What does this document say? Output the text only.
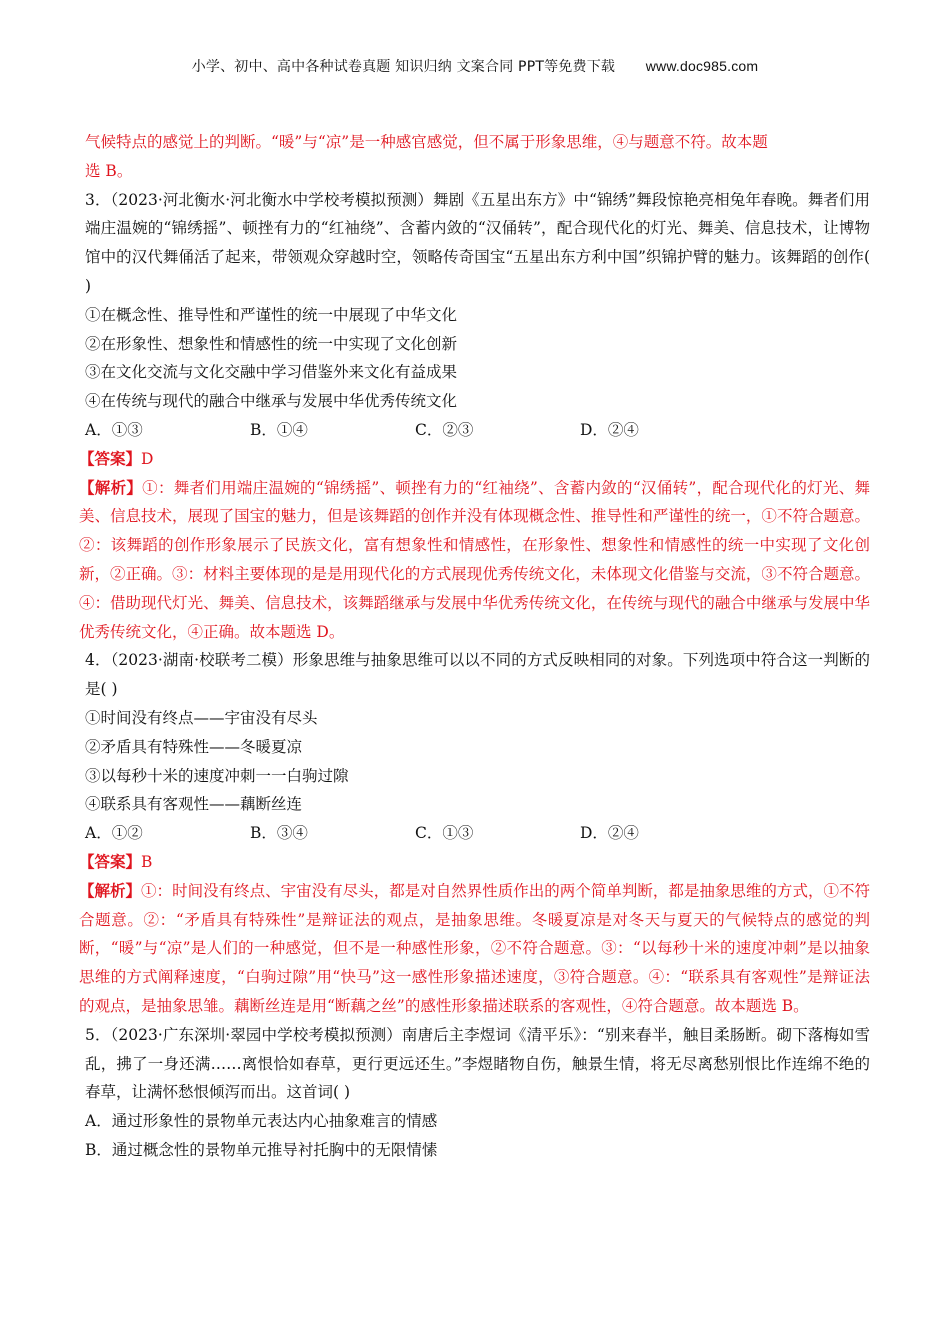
小学、初中、高中各种试卷真题 知识归纳 文案合同 PPT等免费下载 www.doc985.com

气候特点的感觉上的判断。“暖”与“凉”是一种感官感觉，但不属于形象思维，④与题意不符。故本题

选 B。

3．（2023·河北衡水·河北衡水中学校考模拟预测）舞剧《五星出东方》中“锦绣”舞段惊艳亮相兔年春晚。舞者们用端庄温婉的“锦绣摇”、顿挫有力的“红袖绕”、含蓄内敛的“汉俑转”，配合现代化的灯光、舞美、信息技术，让博物馆中的汉代舞俑活了起来，带领观众穿越时空，领略传奇国宝“五星出东方利中国”织锦护臂的魅力。该舞蹈的创作( )

①在概念性、推导性和严谨性的统一中展现了中华文化

②在形象性、想象性和情感性的统一中实现了文化创新

③在文化交流与文化交融中学习借鉴外来文化有益成果

④在传统与现代的融合中继承与发展中华优秀传统文化

A．①③	B．①④	C．②③	D．②④

【答案】D

【解析】①：舞者们用端庄温婉的“锦绣摇”、顿挫有力的“红袖绕”、含蓄内敛的“汉俑转”，配合现代化的灯光、舞美、信息技术，展现了国宝的魅力，但是该舞蹈的创作并没有体现概念性、推导性和严谨性的统一，①不符合题意。②：该舞蹈的创作形象展示了民族文化，富有想象性和情感性，在形象性、想象性和情感性的统一中实现了文化创新，②正确。③：材料主要体现的是是用现代化的方式展现优秀传统文化，未体现文化借鉴与交流，③不符合题意。④：借助现代灯光、舞美、信息技术，该舞蹈继承与发展中华优秀传统文化，在传统与现代的融合中继承与发展中华优秀传统文化，④正确。故本题选 D。

4．（2023·湖南·校联考二模）形象思维与抽象思维可以以不同的方式反映相同的对象。下列选项中符合这一判断的是( )

①时间没有终点——宇宙没有尽头

②矛盾具有特殊性——冬暖夏凉

③以每秒十米的速度冲刺一一白驹过隙

④联系具有客观性——藕断丝连

A．①②	B．③④	C．①③	D．②④

【答案】B

【解析】①：时间没有终点、宇宙没有尽头，都是对自然界性质作出的两个简单判断，都是抽象思维的方式，①不符合题意。②：“矛盾具有特殊性”是辩证法的观点，是抽象思维。冬暖夏凉是对冬天与夏天的气候特点的感觉的判断，“暖”与“凉”是人们的一种感觉，但不是一种感性形象，②不符合题意。③：“以每秒十米的速度冲刺”是以抽象思维的方式阐释速度，“白驹过隙”用“快马”这一感性形象描述速度，③符合题意。④：“联系具有客观性”是辩证法的观点，是抽象思雏。藕断丝连是用“断藕之丝”的感性形象描述联系的客观性，④符合题意。故本题选 B。

5．（2023·广东深圳·翠园中学校考模拟预测）南唐后主李煜词《清平乐》：“别来春半，触目柔肠断。砌下落梅如雪乱，拂了一身还满……离恨恰如春草，更行更远还生。”李煜睹物自伤，触景生情，将无尽离愁别恨比作连绵不绝的春草，让满怀愁恨倾泻而出。这首词( )

A．通过形象性的景物单元表达内心抽象难言的情感

B．通过概念性的景物单元推导衬托胸中的无限情愫
